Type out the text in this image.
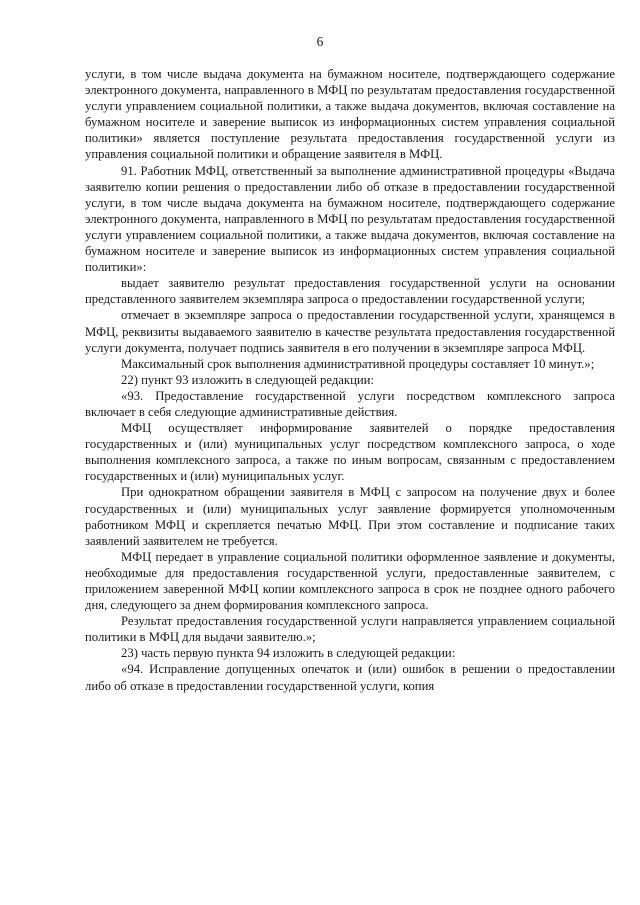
6

услуги, в том числе выдача документа на бумажном носителе, подтверждающего содержание электронного документа, направленного в МФЦ по результатам предоставления государственной услуги управлением социальной политики, а также выдача документов, включая составление на бумажном носителе и заверение выписок из информационных систем управления социальной политики» является поступление результата предоставления государственной услуги из управления социальной политики и обращение заявителя в МФЦ.

91. Работник МФЦ, ответственный за выполнение административной процедуры «Выдача заявителю копии решения о предоставлении либо об отказе в предоставлении государственной услуги, в том числе выдача документа на бумажном носителе, подтверждающего содержание электронного документа, направленного в МФЦ по результатам предоставления государственной услуги управлением социальной политики, а также выдача документов, включая составление на бумажном носителе и заверение выписок из информационных систем управления социальной политики»:

выдает заявителю результат предоставления государственной услуги на основании представленного заявителем экземпляра запроса о предоставлении государственной услуги;

отмечает в экземпляре запроса о предоставлении государственной услуги, хранящемся в МФЦ, реквизиты выдаваемого заявителю в качестве результата предоставления государственной услуги документа, получает подпись заявителя в его получении в экземпляре запроса МФЦ.

Максимальный срок выполнения административной процедуры составляет 10 минут.»;

22) пункт 93 изложить в следующей редакции:

«93. Предоставление государственной услуги посредством комплексного запроса включает в себя следующие административные действия.

МФЦ осуществляет информирование заявителей о порядке предоставления государственных и (или) муниципальных услуг посредством комплексного запроса, о ходе выполнения комплексного запроса, а также по иным вопросам, связанным с предоставлением государственных и (или) муниципальных услуг.

При однократном обращении заявителя в МФЦ с запросом на получение двух и более государственных и (или) муниципальных услуг заявление формируется уполномоченным работником МФЦ и скрепляется печатью МФЦ. При этом составление и подписание таких заявлений заявителем не требуется.

МФЦ передает в управление социальной политики оформленное заявление и документы, необходимые для предоставления государственной услуги, предоставленные заявителем, с приложением заверенной МФЦ копии комплексного запроса в срок не позднее одного рабочего дня, следующего за днем формирования комплексного запроса.

Результат предоставления государственной услуги направляется управлением социальной политики в МФЦ для выдачи заявителю.»;

23) часть первую пункта 94 изложить в следующей редакции:

«94. Исправление допущенных опечаток и (или) ошибок в решении о предоставлении либо об отказе в предоставлении государственной услуги, копия
